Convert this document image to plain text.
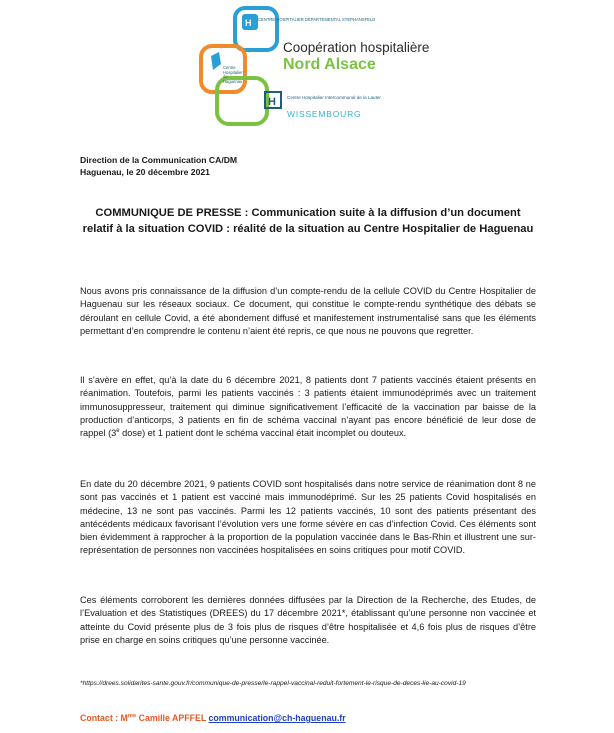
H
H
CENTRE HOSPITALIER DÉPARTEMENTAL STEPHANSFELD
Centre Hospitalier de Haguenau
Coopération hospitalière
Nord Alsace
Centre Hospitalier Intercommunal de la Lauter
WISSEMBOURG
Direction de la Communication CA/DM
Haguenau, le 20 décembre 2021
COMMUNIQUE DE PRESSE : Communication suite à la diffusion d’un document relatif à la situation COVID : réalité de la situation au Centre Hospitalier de Haguenau

Nous avons pris connaissance de la diffusion d’un compte-rendu de la cellule COVID du Centre Hospitalier de Haguenau sur les réseaux sociaux. Ce document, qui constitue le compte-rendu synthétique des débats se déroulant en cellule Covid, a été abondement diffusé et manifestement instrumentalisé sans que les éléments permettant d’en comprendre le contenu n’aient été repris, ce que nous ne pouvons que regretter.

Il s’avère en effet, qu’à la date du 6 décembre 2021, 8 patients dont 7 patients vaccinés étaient présents en réanimation. Toutefois, parmi les patients vaccinés : 3 patients étaient immunodéprimés avec un traitement immunosuppresseur, traitement qui diminue significativement l’efficacité de la vaccination par baisse de la production d’anticorps, 3 patients en fin de schéma vaccinal n’ayant pas encore bénéficié de leur dose de rappel (3e dose) et 1 patient dont le schéma vaccinal était incomplet ou douteux.

En date du 20 décembre 2021, 9 patients COVID sont hospitalisés dans notre service de réanimation dont 8 ne sont pas vaccinés et 1 patient est vacciné mais immunodéprimé. Sur les 25 patients Covid hospitalisés en médecine, 13 ne sont pas vaccinés. Parmi les 12 patients vaccinés, 10 sont des patients présentant des antécédents médicaux favorisant l’évolution vers une forme sévère en cas d’infection Covid. Ces éléments sont bien évidemment à rapprocher à la proportion de la population vaccinée dans le Bas-Rhin et illustrent une sur-représentation de personnes non vaccinées hospitalisées en soins critiques pour motif COVID.

Ces éléments corroborent les dernières données diffusées par la Direction de la Recherche, des Etudes, de l’Evaluation et des Statistiques (DREES) du 17 décembre 2021*, établissant qu’une personne non vaccinée et atteinte du Covid présente plus de 3 fois plus de risques d’être hospitalisée et 4,6 fois plus de risques d’être prise en charge en soins critiques qu’une personne vaccinée.

*https://drees.solidarites-sante.gouv.fr/communique-de-presse/le-rappel-vaccinal-reduit-fortement-le-risque-de-deces-lie-au-covid-19
Contact : $M^{me}$ Camille APFFEL communication@ch-haguenau.fr
